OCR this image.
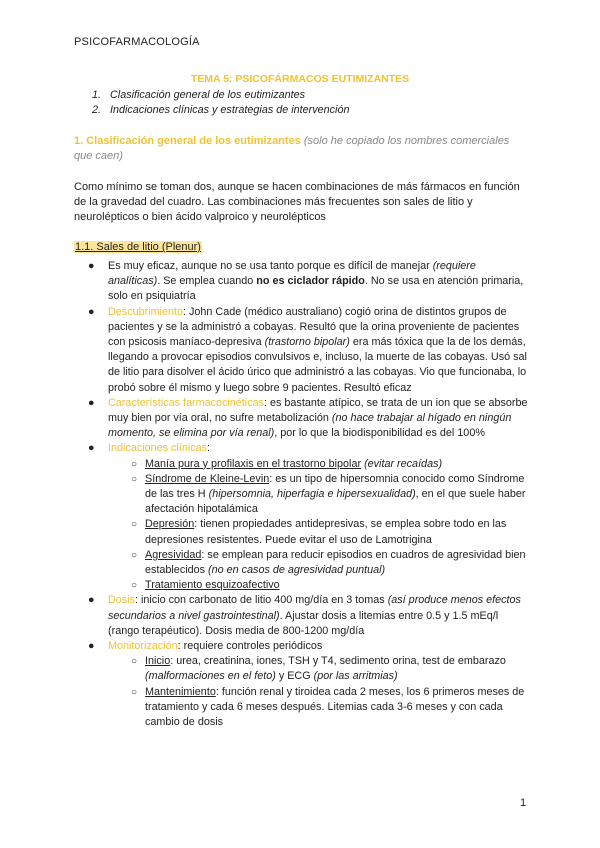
PSICOFARMACOLOGÍA
TEMA 5: PSICOFÁRMACOS EUTIMIZANTES
1. Clasificación general de los eutimizantes
2. Indicaciones clínicas y estrategias de intervención
1. Clasificación general de los eutimizantes (solo he copiado los nombres comerciales que caen)
Como mínimo se toman dos, aunque se hacen combinaciones de más fármacos en función de la gravedad del cuadro. Las combinaciones más frecuentes son sales de litio y neurolépticos o bien ácido valproico y neurolépticos
1.1. Sales de litio (Plenur)
● Es muy eficaz, aunque no se usa tanto porque es difícil de manejar (requiere analíticas). Se emplea cuando no es ciclador rápido. No se usa en atención primaria, solo en psiquiatría
● Descubrimiento: John Cade (médico australiano) cogió orina de distintos grupos de pacientes y se la administró a cobayas. Resultó que la orina proveniente de pacientes con psicosis maníaco-depresiva (trastorno bipolar) era más tóxica que la de los demás, llegando a provocar episodios convulsivos e, incluso, la muerte de las cobayas. Usó sal de litio para disolver el ácido úrico que administró a las cobayas. Vio que funcionaba, lo probó sobre él mismo y luego sobre 9 pacientes. Resultó eficaz
● Características farmacocinéticas: es bastante atípico, se trata de un ion que se absorbe muy bien por vía oral, no sufre metabolización (no hace trabajar al hígado en ningún momento, se elimina por vía renal), por lo que la biodisponibilidad es del 100%
● Indicaciones clínicas:
○ Manía pura y profilaxis en el trastorno bipolar (evitar recaídas)
○ Síndrome de Kleine-Levin: es un tipo de hipersomnia conocido como Síndrome de las tres H (hipersomnia, hiperfagia e hipersexualidad), en el que suele haber afectación hipotalámica
○ Depresión: tienen propiedades antidepresivas, se emplea sobre todo en las depresiones resistentes. Puede evitar el uso de Lamotrigina
○ Agresividad: se emplean para reducir episodios en cuadros de agresividad bien establecidos (no en casos de agresividad puntual)
○ Tratamiento esquizoafectivo
● Dosis: inicio con carbonato de litio 400 mg/día en 3 tomas (así produce menos efectos secundarios a nivel gastrointestinal). Ajustar dosis a litemias entre 0.5 y 1.5 mEq/l (rango terapéutico). Dosis media de 800-1200 mg/día
● Monitorización: requiere controles periódicos
○ Inicio: urea, creatinina, iones, TSH y T4, sedimento orina, test de embarazo (malformaciones en el feto) y ECG (por las arritmias)
○ Mantenimiento: función renal y tiroidea cada 2 meses, los 6 primeros meses de tratamiento y cada 6 meses después. Litemias cada 3-6 meses y con cada cambio de dosis
1
